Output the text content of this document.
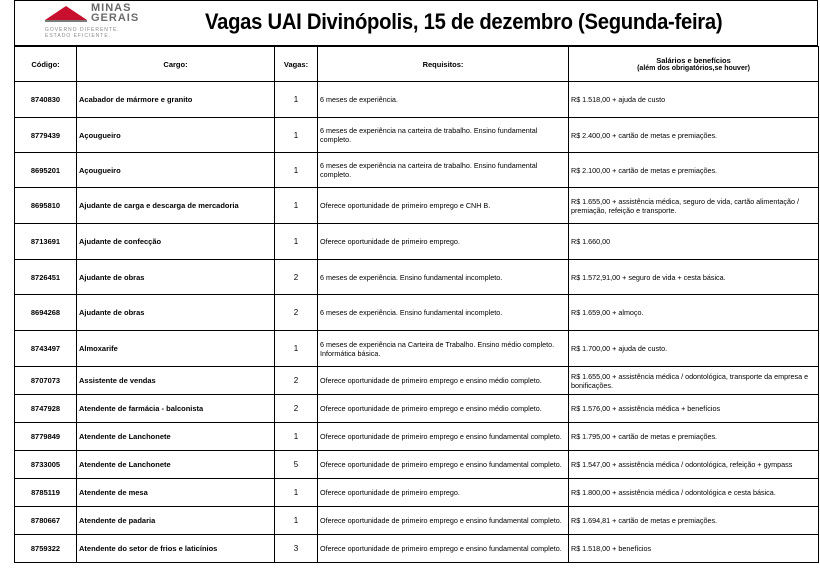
MINAS
GERAIS
GOVERNO DIFERENTE.
ESTADO EFICIENTE.
Vagas UAI Divinópolis, 15 de dezembro (Segunda-feira)
Código:	Cargo:	Vagas:	Requisitos:	Salários e benefícios
(além dos obrigatórios,se houver)

8740830	Acabador de mármore e granito	1	6 meses de experiência.	R$ 1.518,00 + ajuda de custo
8779439	Açougueiro	1	6 meses de experiência na carteira de trabalho. Ensino fundamental completo.	R$ 2.400,00 + cartão de metas e premiações.
8695201	Açougueiro	1	6 meses de experiência na carteira de trabalho. Ensino fundamental completo.	R$ 2.100,00 + cartão de metas e premiações.
8695810	Ajudante de carga e descarga de mercadoria	1	Oferece oportunidade de primeiro emprego e CNH B.	R$ 1.655,00 + assistência médica, seguro de vida, cartão alimentação / premiação, refeição e transporte.
8713691	Ajudante de confecção	1	Oferece oportunidade de primeiro emprego.	R$ 1.660,00
8726451	Ajudante de obras	2	6 meses de experiência. Ensino fundamental incompleto.	R$ 1.572,91,00 + seguro de vida + cesta básica.
8694268	Ajudante de obras	2	6 meses de experiência. Ensino fundamental incompleto.	R$ 1.659,00 + almoço.
8743497	Almoxarife	1	6 meses de experiência na Carteira de Trabalho. Ensino médio completo. Informática básica.	R$ 1.700,00 + ajuda de custo.
8707073	Assistente de vendas	2	Oferece oportunidade de primeiro emprego e ensino médio completo.	R$ 1.655,00 + assistência médica / odontológica, transporte da empresa e bonificações.
8747928	Atendente de farmácia - balconista	2	Oferece oportunidade de primeiro emprego e ensino médio completo.	R$ 1.576,00 + assistência médica + benefícios
8779849	Atendente de Lanchonete	1	Oferece oportunidade de primeiro emprego e ensino fundamental completo.	R$ 1.795,00 + cartão de metas e premiações.
8733005	Atendente de Lanchonete	5	Oferece oportunidade de primeiro emprego e ensino fundamental completo.	R$ 1.547,00 + assistência médica / odontológica, refeição + gympass
8785119	Atendente de mesa	1	Oferece oportunidade de primeiro emprego.	R$ 1.800,00 + assistência médica / odontológica e cesta básica.
8780667	Atendente de padaria	1	Oferece oportunidade de primeiro emprego e ensino fundamental completo.	R$ 1.694,81 + cartão de metas e premiações.
8759322	Atendente do setor de frios e laticínios	3	Oferece oportunidade de primeiro emprego e ensino fundamental completo.	R$ 1.518,00 + benefícios
